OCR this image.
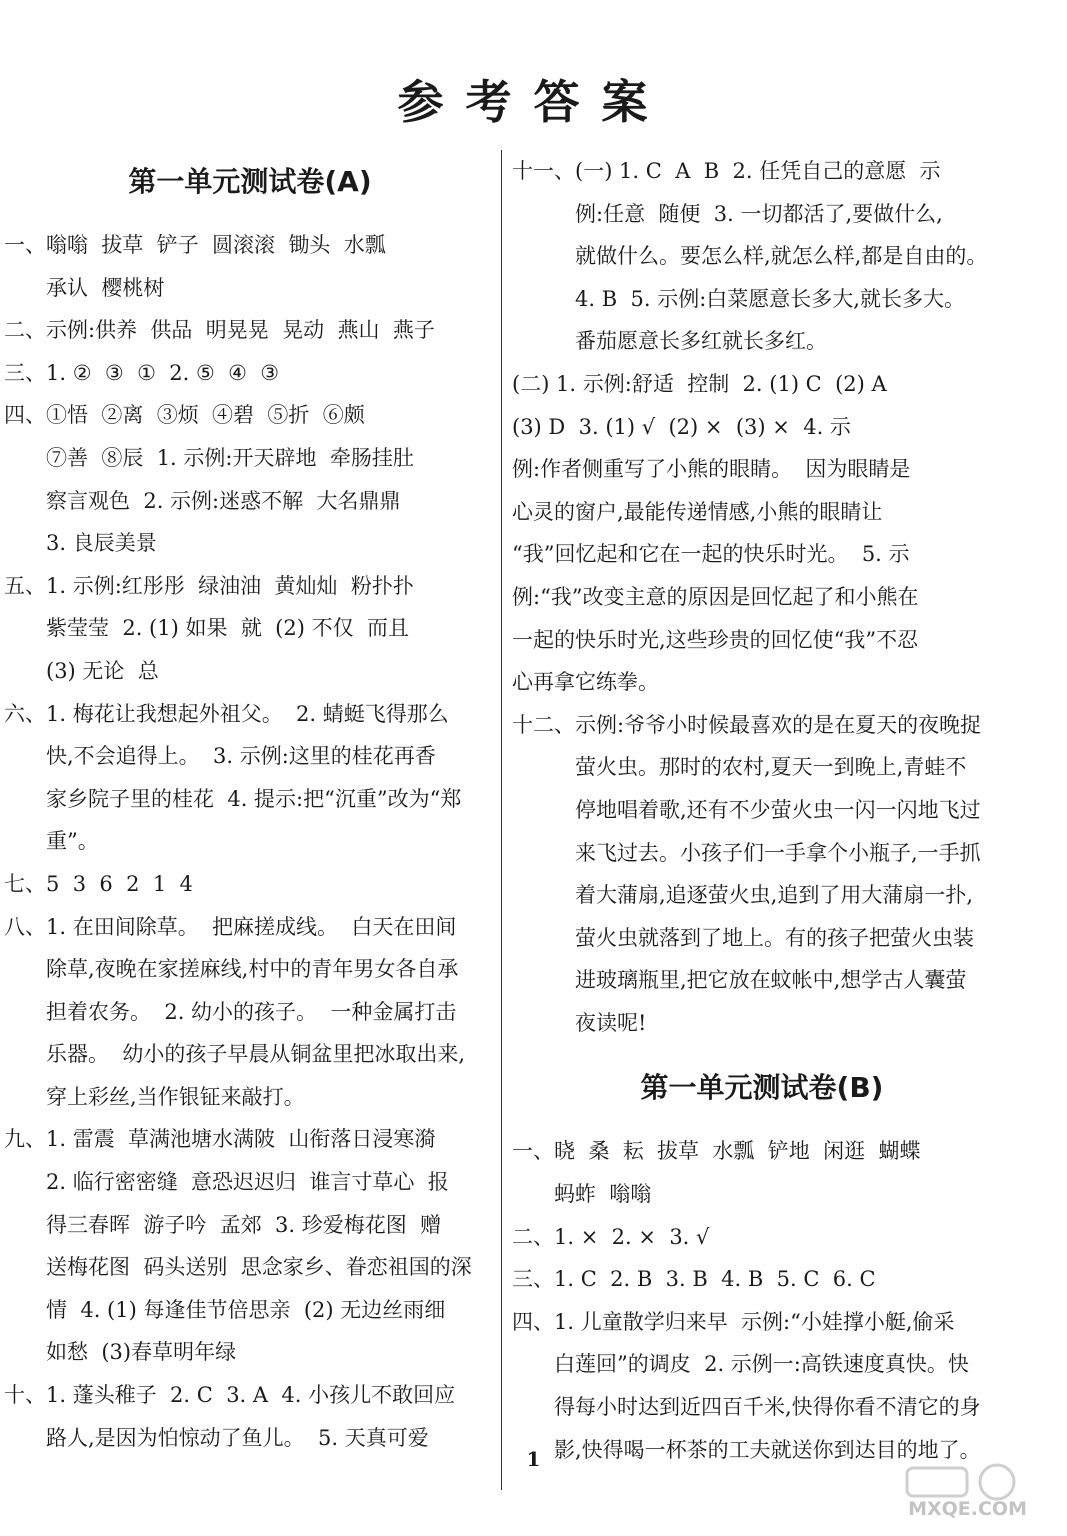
参考答案
第一单元测试卷(A)
一、 嗡嗡  拔草  铲子  圆滚滚  锄头  水瓢
承认  樱桃树
二、 示例:供养  供品  明晃晃  晃动  燕山  燕子
三、 1. ②  ③  ①  2. ⑤  ④  ③
四、 ①悟  ②离  ③烦  ④碧  ⑤折  ⑥颇
⑦善  ⑧辰  1. 示例:开天辟地  牵肠挂肚
察言观色  2. 示例:迷惑不解  大名鼎鼎
3. 良辰美景
五、 1. 示例:红彤彤  绿油油  黄灿灿  粉扑扑
紫莹莹  2. (1) 如果  就  (2) 不仅  而且
(3) 无论  总
六、 1. 梅花让我想起外祖父。  2. 蜻蜓飞得那么
快,不会追得上。  3. 示例:这里的桂花再香
家乡院子里的桂花  4. 提示:把“沉重”改为“郑
重”。
七、 5  3  6  2  1  4
八、 1. 在田间除草。  把麻搓成线。  白天在田间
除草,夜晚在家搓麻线,村中的青年男女各自承
担着农务。  2. 幼小的孩子。  一种金属打击
乐器。  幼小的孩子早晨从铜盆里把冰取出来,
穿上彩丝,当作银钲来敲打。
九、 1. 雷震  草满池塘水满陂  山衔落日浸寒漪
2. 临行密密缝  意恐迟迟归  谁言寸草心  报
得三春晖  游子吟  孟郊  3. 珍爱梅花图  赠
送梅花图  码头送别  思念家乡、眷恋祖国的深
情  4. (1) 每逢佳节倍思亲  (2) 无边丝雨细
如愁  (3)春草明年绿
十、 1. 蓬头稚子  2. C  3. A  4. 小孩儿不敢回应
路人,是因为怕惊动了鱼儿。  5. 天真可爱
十一、 (一) 1. C  A  B  2. 任凭自己的意愿  示
例:任意  随便  3. 一切都活了,要做什么,
就做什么。要怎么样,就怎么样,都是自由的。
4. B  5. 示例:白菜愿意长多大,就长多大。
番茄愿意长多红就长多红。
(二) 1. 示例:舒适  控制  2. (1) C  (2) A
(3) D  3. (1) √  (2) ×  (3) ×  4. 示
例:作者侧重写了小熊的眼睛。  因为眼睛是
心灵的窗户,最能传递情感,小熊的眼睛让
“我”回忆起和它在一起的快乐时光。  5. 示
例:“我”改变主意的原因是回忆起了和小熊在
一起的快乐时光,这些珍贵的回忆使“我”不忍
心再拿它练拳。
十二、 示例:爷爷小时候最喜欢的是在夏天的夜晚捉
萤火虫。那时的农村,夏天一到晚上,青蛙不
停地唱着歌,还有不少萤火虫一闪一闪地飞过
来飞过去。小孩子们一手拿个小瓶子,一手抓
着大蒲扇,追逐萤火虫,追到了用大蒲扇一扑,
萤火虫就落到了地上。有的孩子把萤火虫装
进玻璃瓶里,把它放在蚊帐中,想学古人囊萤
夜读呢!
第一单元测试卷(B)
一、 晓  桑  耘  拔草  水瓢  铲地  闲逛  蝴蝶
蚂蚱  嗡嗡
二、 1. ×  2. ×  3. √
三、 1. C  2. B  3. B  4. B  5. C  6. C
四、 1. 儿童散学归来早  示例:“小娃撑小艇,偷采
白莲回”的调皮  2. 示例一:高铁速度真快。快
得每小时达到近四百千米,快得你看不清它的身
影,快得喝一杯茶的工夫就送你到达目的地了。
1
MXQE.COM
